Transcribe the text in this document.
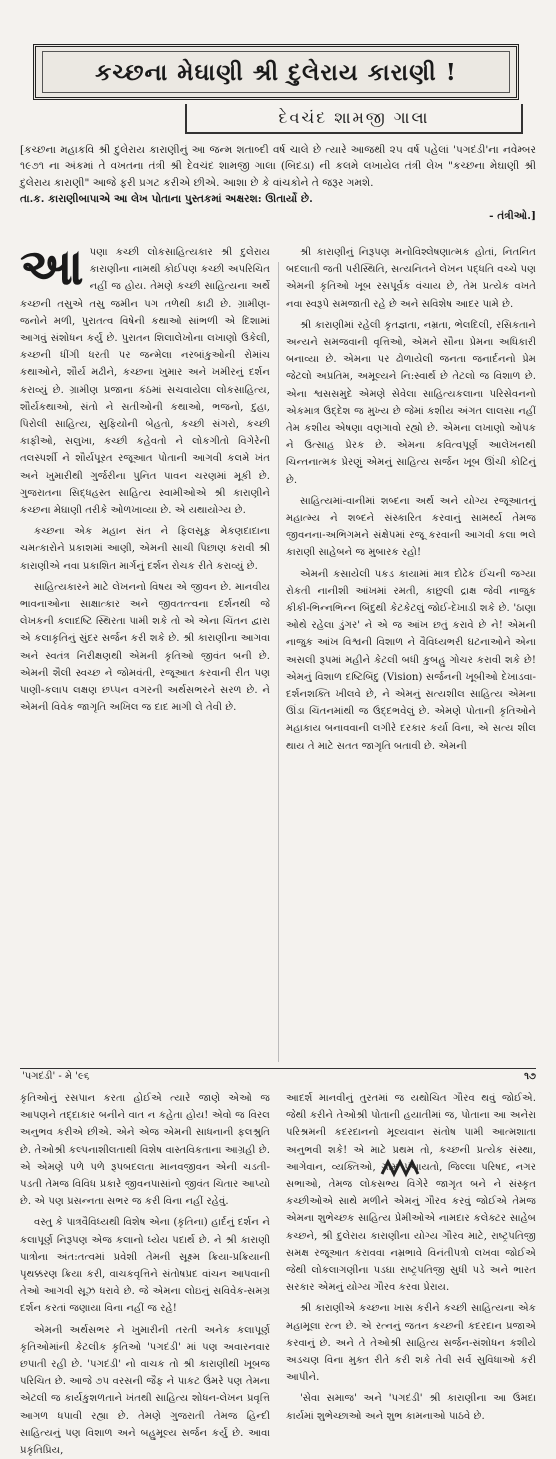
કચ્છના મેઘાણી શ્રી દુલેરાય કારાણી !
દેવચંદ શામજી ગાલા

[કચ્છના મહાકવિ શ્રી દુલેરાય કારાણીનું આ જન્મ શતાબ્દી વર્ષ ચાલે છે ત્યારે આજથી ૨૫ વર્ષ પહેલાં 'પગદંડી'ના નવેમ્બર ૧૯૭૧ ના અંકમાં તે વખતના તંત્રી શ્રી દેવચંદ શામજી ગાલા (બિદડા) ની કલમે લખાયેલ તંત્રી લેખ "કચ્છના મેઘાણી શ્રી દુલેરાય કારાણી" આજે ફરી પ્રગટ કરીએ છીએ. આશા છે કે વાંચકોને તે જરૂર ગમશે.

તા.ક. કારાણીબાપાએ આ લેખ પોતાના પુસ્તકમાં અક્ષરશ: ઊતાર્યો છે.

- તંત્રીઓ.]

આપણા કચ્છી લોકસાહિત્યકાર શ્રી દુલેરાય કારાણીના નામથી કોઈપણ કચ્છી અપરિચિત નહીં જ હોય. તેમણે કચ્છી સાહિત્યના અર્થે કચ્છની તસુએ તસુ જમીન પગ તળેથી કાઢી છે. ગ્રામીણ-જનોને મળી, પુરાતત્વ વિષેની કથાઓ સાંભળી એ દિશામાં આગવું સંશોધન કર્યું છે. પુરાતન શિલાલેખોના લખાણો ઉકેલી, કચ્છની ધીંગી ધરતી પર જન્મેલા નરબાંકુઓની રોમાંચ કથાઓને, શૌર્ય મઢીને, કચ્છના ખુમાર અને ખમીરનું દર્શન કરાવ્યું છે. ગ્રામીણ પ્રજાના કંઠમાં સચવાયેલા લોકસાહિત્ય, શૌર્યકથાઓ, સંતો ને સતીઓની કથાઓ, ભજનો, દુહા, પિરોલી સાહિત્ય, સુફિયોની બેહતો, કચ્છી સંગરો, કચ્છી કાફીઓ, સલુખા, કચ્છી કહેવતો ને લોકગીતો વિગેરેની તલસ્પર્શી ને શૌર્યપૂરત રજૂઆત પોતાની આગવી કલમે ખંત અને ખુમારીથી ગુર્જરીના પુનિત પાવન ચરણમાં મૂકી છે. ગુજરાતના સિદ્ધહસ્ત સાહિત્ય સ્વામીઓએ શ્રી કારાણીને કચ્છના મેઘાણી તરીકે ઓળખાવ્યા છે. એ યથાયોગ્ય છે.

કચ્છના એક મહાન સંત ને ફિલસૂફ મેકણદાદાના ચમત્કારોને પ્રકાશમાં આણી, એમની સાચી પિછાણ કરાવી શ્રી કારાણીએ નવા પ્રકાશિત માર્ગનું દર્શન રોચક રીતે કરાવ્યું છે.

સાહિત્યકારને માટે લેખનનો વિષય એ જીવન છે. માનવીય ભાવનાઓના સાક્ષાત્કાર અને જીવતત્ત્વના દર્શનથી જે લેખકની કલાદષ્ટિ સ્થિરતા પામી શકે તો એ એના ચિંતન દ્વારા એ કલાકૃતિનું સુંદર સર્જન કરી શકે છે. શ્રી કારાણીના આગવા અને સ્વતંત્ર નિરીક્ષણથી એમની કૃતિઓ જીવંત બની છે. એમની શૈલી સ્વચ્છ ને જોમવંતી, રજૂઆત કરવાની રીત પણ પાણી-કલાપ લક્ષણ છપ્પન વગરની અર્થસભરને સરળ છે. ને એમની વિવેક જાગૃતિ અખિલ જ દાદ માગી લે તેવી છે.

શ્રી કારાણીનું નિરૂપણ મનોવિશ્લેષણાત્મક હોતાં, નિતનિત બદલાતી જતી પરીસ્થિતિ, સત્યનિતને લેખન પદ્ધતિ વચ્ચે પણ એમની કૃતિઓ ખૂબ રસપૂર્વક વંચાય છે, તેમ પ્રત્યેક વખતે નવા સ્વરૂપે સમજાતી રહે છે અને સવિશેષ આદર પામે છે.

શ્રી કારાણીમાં રહેલી કૃતજ્ઞતા, નમ્રતા, ભેલદિલી, રસિકતાને અન્યને સમજવાની વૃત્તિઓ, એમને સૌના પ્રેમના અધિકારી બનાવ્યા છે. એમના પર ઢોળાયેલી જનતા જનાર્દનનો પ્રેમ જેટલો અપ્રતિમ, અમૂલ્યને નિ:સ્વાર્થ છે તેટલો જ વિશાળ છે. એના શ્વસસમુદે એમણે સેવેલા સાહિત્યકલાના પરિસેવનનો એકમાત્ર ઉદ્દેશ જ મુખ્ય છે જેમાં કશીય અંગત લાલસા નહીં તેમ કશીય એષણા વણગાવો રહ્યો છે. એમના લખાણો ઓપક ને ઉત્સાહ પ્રેરક છે. એમના કવિત્વપૂર્ણ આલેખનથી ચિન્તનાત્મક પ્રેરણું એમનું સાહિત્ય સર્જન ખૂબ ઊંચી કોટિનું છે.

સાહિત્યમાં-વાનીમાં શબ્દના અર્થ અને યોગ્ય રજૂઆતનું મહાત્મ્ય ને શબ્દને સંસ્કારિત કરવાનું સામર્થ્ય તેમજ જીવનના-અભિગમને સંક્ષેપમાં રજૂ કરવાની આગવી કલા ભલે કારાણી સાહેબને જ મુબારક રહો!

એમની કસાયેલી પકડ કાયામાં માત્ર દોઢેક ઈંચની જગ્યા રોકતી નાનીશી આંખમાં રમતી, કાછુલી દ્રાક્ષ જેવી નાજુક કીકી-ભિન્નભિન્ન બિંદુથી કેટકેટલું જોઈ-દેખાડી શકે છે. 'ઠાણા ઓથે રહેલા ડુંગર' ને એ જ આંખ છતું કરાવે છે ને! એમની નાજુક આંખ વિશ્વની વિશાળ ને વૈવિધ્યભરી ઘટનાઓને એના અસલી રૂપમાં મહીને કેટલી બધી કુબહુ ગોચર કરાવી શકે છે! એમનું વિશાળ દષ્ટિબિંદુ (Vision) સર્જનની ખૂબીઓ દેખાડવા-દર્શનશક્તિ ખીલવે છે, ને એમનું સત્યશીલ સાહિત્ય એમના ઊંડા ચિંતનમાંથી જ ઉદ્દભવેલું છે. એમણે પોતાની કૃતિઓને મહાકાય બનાવવાની લગીરે દરકાર કર્યા વિના, એ સત્ય શીલ થાય તે માટે સતત જાગૃતિ બતાવી છે. એમની

'પગદંડી' - મે '૯૬	૧૭

કૃતિઓનું રસપાન કરતા હોઈએ ત્યારે જાણે એઓ જ આપણને તદ્દાકાર બનીને વાત ન કહેતા હોય! એવો જ વિરલ અનુભવ કરીએ છીએ. એને એજ એમની સાધનાની ફલશ્રુતિ છે. તેઓશ્રી કલ્પનાશીલતાથી વિશેષ વાસ્તવિકતાના આગ્રહી છે. એ એમણે પળે પળે રૂપબદલતા માનવજીવન એની ચડતી-પડતી તેમજ વિવિધ પ્રકારે જીવનપાસાંનો જીવંત ચિતાર આપ્યો છે. એ પણ પ્રસન્નતા સભર જ કરી વિના નહીં રહેવું.

વસ્તુ કે પાત્રવૈવિધ્યથી વિશેષ એના (કૃતિના) હાર્દનું દર્શન ને કલાપૂર્ણ નિરૂપણ એજ કલાનો ધ્યેય પદાર્થ છે. ને શ્રી કારાણી પાત્રોના અંત:તત્વમાં પ્રવેશી તેમની સૂક્ષ્મ ક્રિયા-પ્રક્રિયાની પૃથક્કરણ ક્રિયા કરી, વાચકવૃત્તિને સંતોષપ્રદ વાંચન આપવાની તેઓ આગવી સૂઝ ધરાવે છે. જે એમના લોઇનું સવિવેક-સમગ્ર દર્શન કરતાં જણાયા વિના નહીં જ રહે!

એમની અર્થસભર ને ખુમારીની તરતી અનેક કલાપૂર્ણ કૃતિઓમાંની કેટલીક કૃતિઓ 'પગદંડી' માં પણ અવારનવાર છપાતી રહી છે. 'પગદંડી' નો વાચક તો શ્રી કારાણીથી ખૂબજ પરિચિત છે. આજે ૭૫ વરસની જૈફ ને પાકટ ઉંમરે પણ તેમના એટલી જ કાર્યકુશળતાને ખંતથી સાહિત્ય શોધન-લેખન પ્રવૃત્તિ આગળ ધપાવી રહ્યા છે. તેમણે ગુજરાતી તેમજ હિન્દી સાહિત્યનું પણ વિશાળ અને બહુમૂલ્ય સર્જન કર્યું છે. આવા પ્રકૃતિપ્રિય,

આદર્શ માનવીનું તુરતમાં જ યથોચિત ગૌરવ થવું જોઈએ. જેથી કરીને તેઓશ્રી પોતાની હયાતીમાં જ, પોતાના આ અનેરા પરિશ્રમની કદરદાનનો મૂલ્યવાન સંતોષ પામી આત્મશાતા અનુભવી શકે! એ માટે પ્રથમ તો, કચ્છની પ્રત્યેક સંસ્થા, આગેવાન, વ્યક્તિઓ, ગ્રામ પંચાયતો, જિલ્લા પરિષદ, નગર સભાઓ, તેમજ લોકસભ્ય વિગેરે જાગૃત બને ને સંસ્કૃત કચ્છીઓએ સાથે મળીને એમનું ગૌરવ કરવું જોઈએ તેમજ એમના શુભેચ્છક સાહિત્ય પ્રેમીઓએ નામદાર કલેક્ટર સાહેબ કચ્છને, શ્રી દુલેરાય કારાણીના યોગ્ય ગૌરવ માટે, રાષ્ટ્રપતિજી સમક્ષ રજૂઆત કરાવવા નમ્રભાવે વિનંતીપત્રો લખવા જોઈએ જેથી લોકલાગણીના પડઘા રાષ્ટ્રપતિજી સુધી પડે અને ભારત સરકાર એમનું યોગ્ય ગૌરવ કરવા પ્રેરાય.

શ્રી કારાણીએ કચ્છના ખાસ કરીને કચ્છી સાહિત્યના એક મહામૂલા રત્ન છે. એ રત્નનું જતન કચ્છની કદરદાન પ્રજાએ કરવાનું છે. અને તે તેઓશ્રી સાહિત્ય સર્જન-સંશોધન કશીયે અડચણ વિના મુક્ત રીતે કરી શકે તેવી સર્વ સુવિધાઓ કરી આપીને.

'સેવા સમાજ' અને 'પગદંડી' શ્રી કારાણીના આ ઉમદા કાર્યમાં શુભેચ્છાઓ અને શુભ કામનાઓ પાઠવે છે.
